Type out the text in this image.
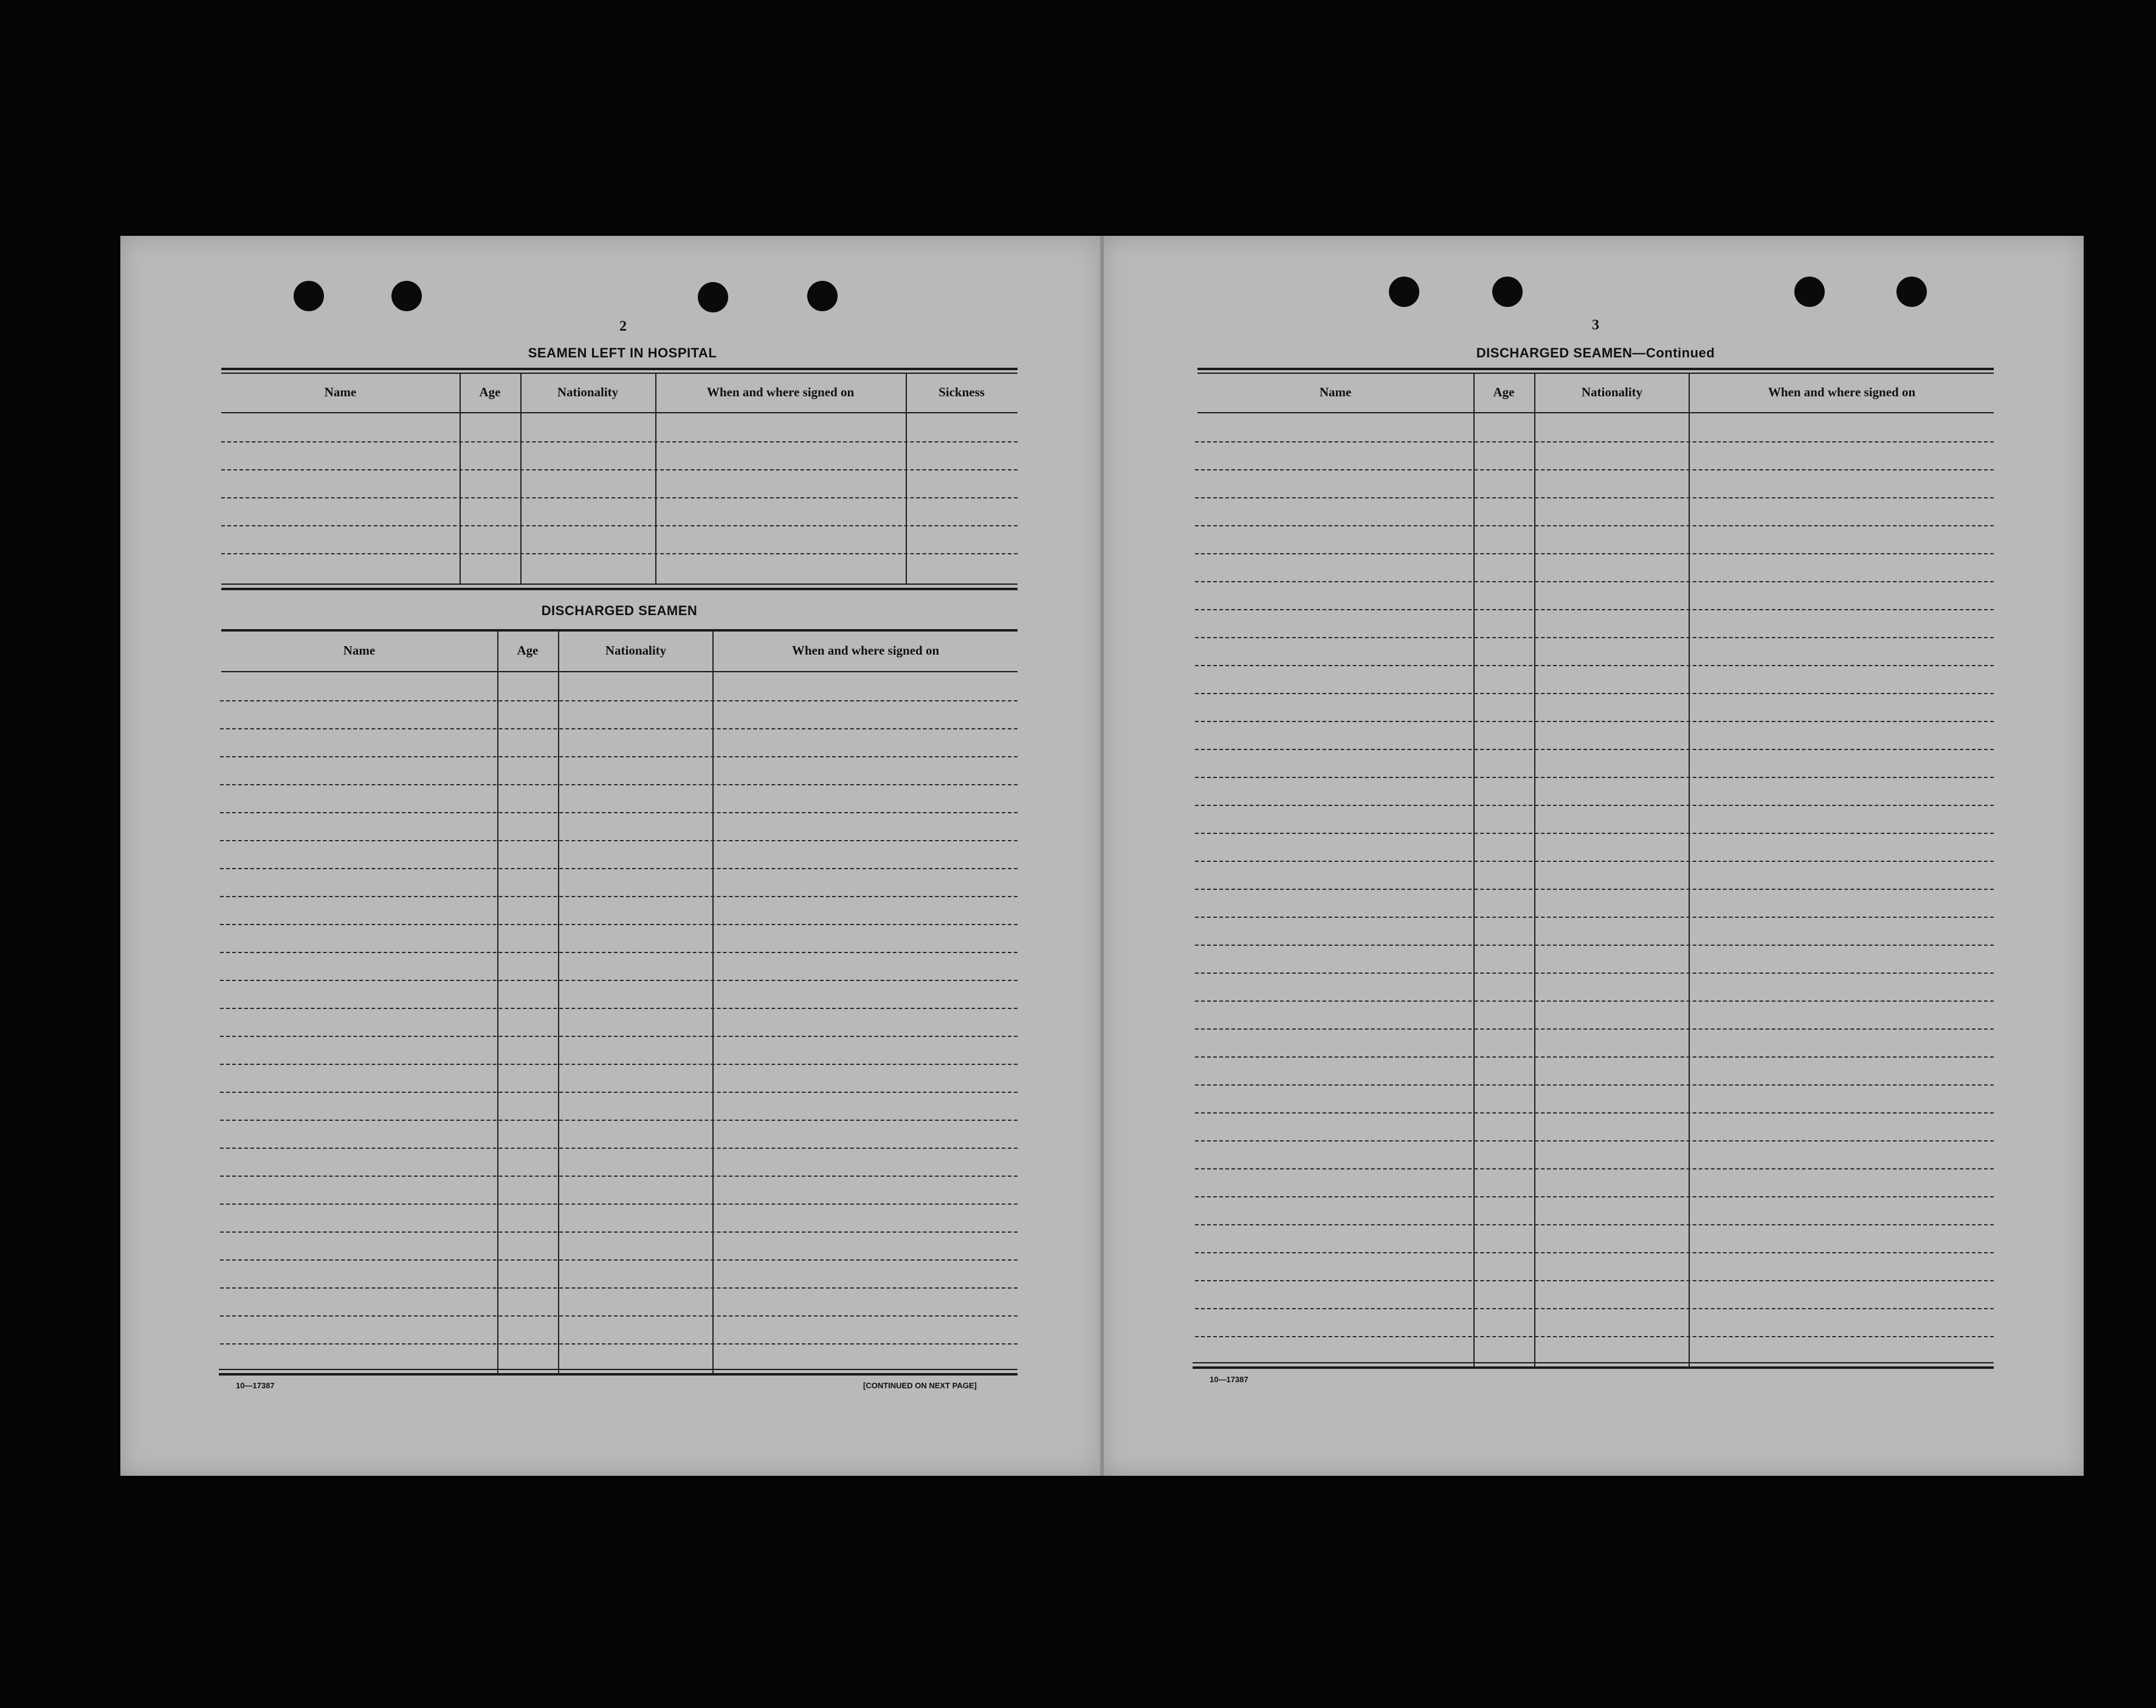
2
SEAMEN LEFT IN HOSPITAL
Name	Age	Nationality	When and where signed on	Sickness
DISCHARGED SEAMEN
Name	Age	Nationality	When and where signed on
10—17387	[CONTINUED ON NEXT PAGE]
3
DISCHARGED SEAMEN—Continued
Name	Age	Nationality	When and where signed on
10—17387
